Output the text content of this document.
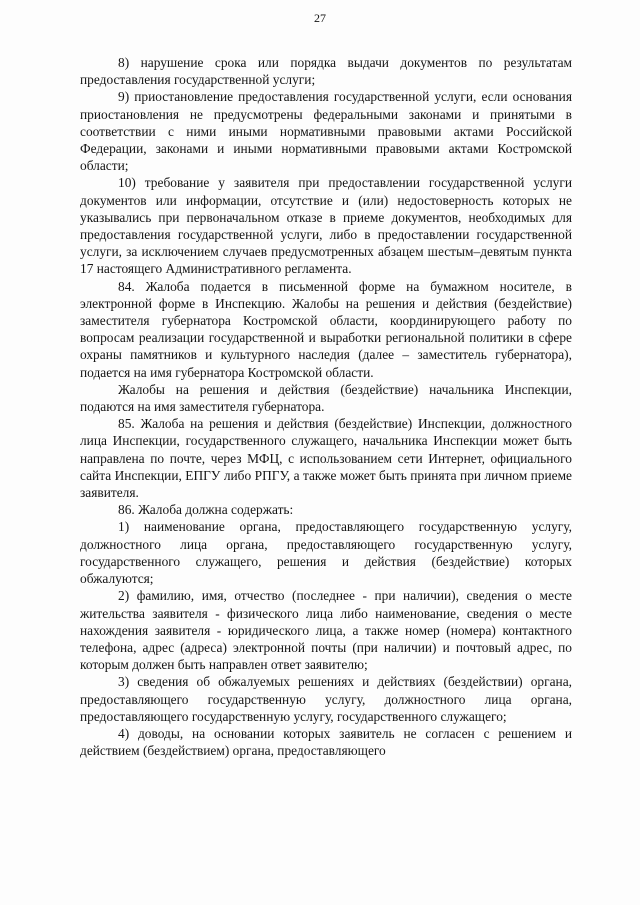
27

8) нарушение срока или порядка выдачи документов по результатам предоставления государственной услуги;

9) приостановление предоставления государственной услуги, если основания приостановления не предусмотрены федеральными законами и принятыми в соответствии с ними иными нормативными правовыми актами Российской Федерации, законами и иными нормативными правовыми актами Костромской области;

10) требование у заявителя при предоставлении государственной услуги документов или информации, отсутствие и (или) недостоверность которых не указывались при первоначальном отказе в приеме документов, необходимых для предоставления государственной услуги, либо в предоставлении государственной услуги, за исключением случаев предусмотренных абзацем шестым–девятым пункта 17 настоящего Административного регламента.

84. Жалоба подается в письменной форме на бумажном носителе, в электронной форме в Инспекцию. Жалобы на решения и действия (бездействие) заместителя губернатора Костромской области, координирующего работу по вопросам реализации государственной и выработки региональной политики в сфере охраны памятников и культурного наследия (далее – заместитель губернатора), подается на имя губернатора Костромской области.

Жалобы на решения и действия (бездействие) начальника Инспекции, подаются на имя заместителя губернатора.

85. Жалоба на решения и действия (бездействие) Инспекции, должностного лица Инспекции, государственного служащего, начальника Инспекции может быть направлена по почте, через МФЦ, с использованием сети Интернет, официального сайта Инспекции, ЕПГУ либо РПГУ, а также может быть принята при личном приеме заявителя.

86. Жалоба должна содержать:

1) наименование органа, предоставляющего государственную услугу, должностного лица органа, предоставляющего государственную услугу, государственного служащего, решения и действия (бездействие) которых обжалуются;

2) фамилию, имя, отчество (последнее - при наличии), сведения о месте жительства заявителя - физического лица либо наименование, сведения о месте нахождения заявителя - юридического лица, а также номер (номера) контактного телефона, адрес (адреса) электронной почты (при наличии) и почтовый адрес, по которым должен быть направлен ответ заявителю;

3) сведения об обжалуемых решениях и действиях (бездействии) органа, предоставляющего государственную услугу, должностного лица органа, предоставляющего государственную услугу, государственного служащего;

4) доводы, на основании которых заявитель не согласен с решением и действием (бездействием) органа, предоставляющего
